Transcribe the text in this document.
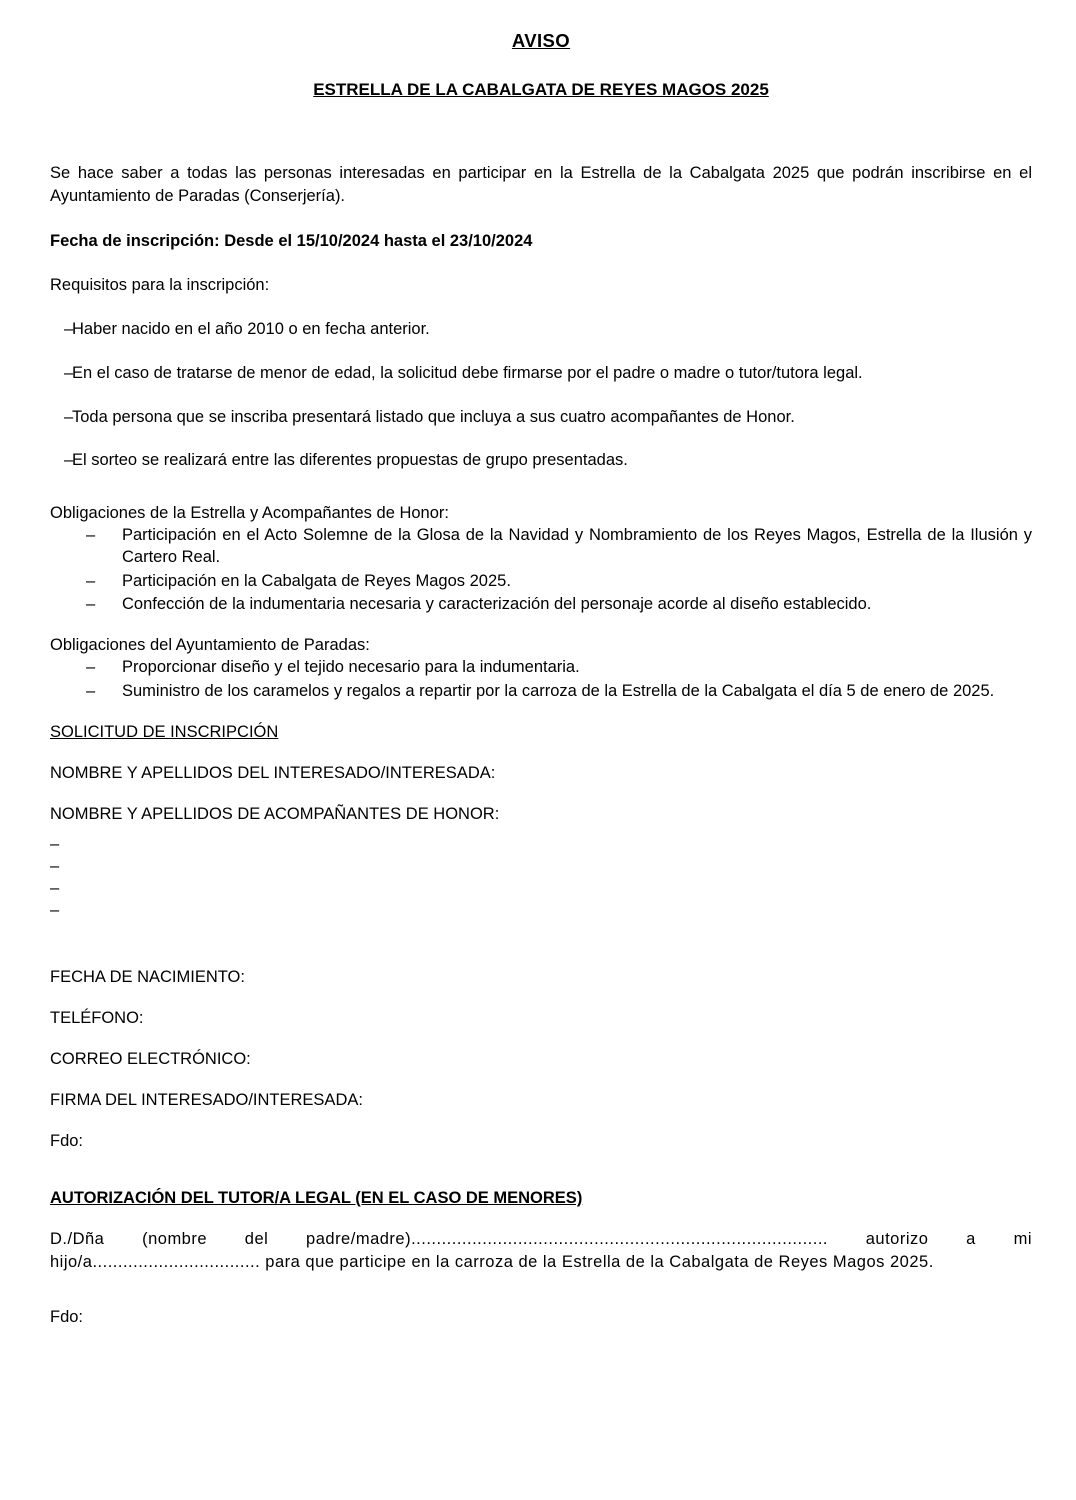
AVISO
ESTRELLA DE LA CABALGATA DE REYES MAGOS 2025

Se hace saber a todas las personas interesadas en participar en la Estrella de la Cabalgata 2025 que podrán inscribirse en el Ayuntamiento de Paradas (Conserjería).

Fecha de inscripción: Desde el 15/10/2024 hasta el 23/10/2024

Requisitos para la inscripción:

– Haber nacido en el año 2010 o en fecha anterior.
– En el caso de tratarse de menor de edad, la solicitud debe firmarse por el padre o madre o tutor/tutora legal.
– Toda persona que se inscriba presentará listado que incluya a sus cuatro acompañantes de Honor.
– El sorteo se realizará entre las diferentes propuestas de grupo presentadas.

Obligaciones de la Estrella y Acompañantes de Honor:

– Participación en el Acto Solemne de la Glosa de la Navidad y Nombramiento de los Reyes Magos, Estrella de la Ilusión y Cartero Real.
– Participación en la Cabalgata de Reyes Magos 2025.
– Confección de la indumentaria necesaria y caracterización del personaje acorde al diseño establecido.

Obligaciones del Ayuntamiento de Paradas:

– Proporcionar diseño y el tejido necesario para la indumentaria.
– Suministro de los caramelos y regalos a repartir por la carroza de la Estrella de la Cabalgata el día 5 de enero de 2025.

SOLICITUD DE INSCRIPCIÓN

NOMBRE Y APELLIDOS DEL INTERESADO/INTERESADA:

NOMBRE Y APELLIDOS DE ACOMPAÑANTES DE HONOR:

–
–
–
–

FECHA DE NACIMIENTO:

TELÉFONO:

CORREO ELECTRÓNICO:

FIRMA DEL INTERESADO/INTERESADA:

Fdo:

AUTORIZACIÓN DEL TUTOR/A LEGAL (EN EL CASO DE MENORES)

D./Dña (nombre del padre/madre).................................................................................. autorizo a mi hijo/a................................. para que participe en la carroza de la Estrella de la Cabalgata de Reyes Magos 2025.

Fdo:
